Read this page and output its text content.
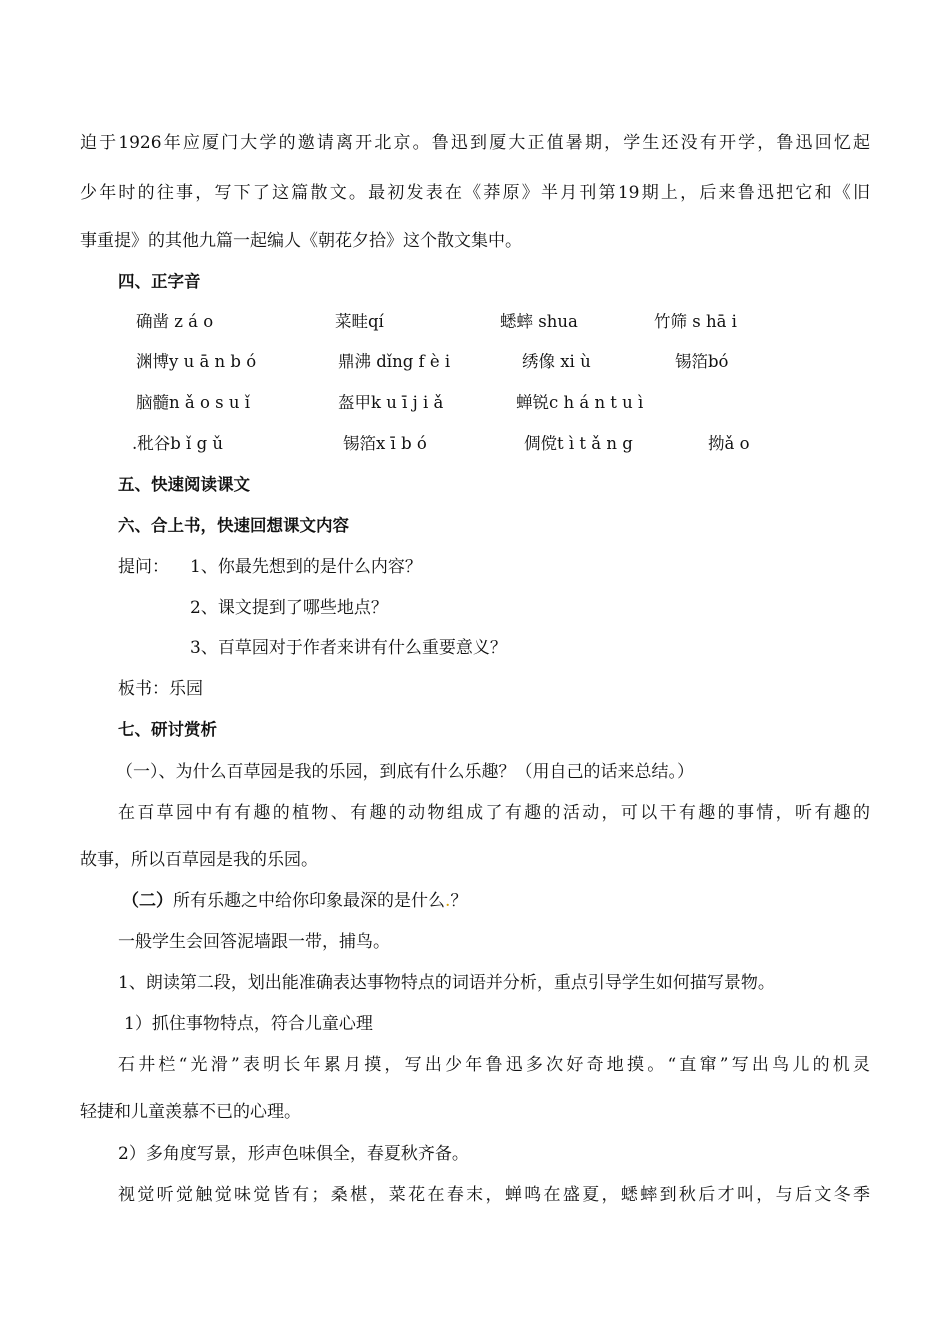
迫于1926年应厦门大学的邀请离开北京。鲁迅到厦大正值暑期，学生还没有开学，鲁迅回忆起
少年时的往事，写下了这篇散文。最初发表在《莽原》半月刊第19期上，后来鲁迅把它和《旧
事重提》的其他九篇一起编人《朝花夕拾》这个散文集中。
四、正字音
确凿 z á o	菜畦qí	蟋蟀 shua	竹筛 s hā i
渊博y u ā n b ó	鼎沸 dǐng f è i	绣像 xi ù	锡箔bó
脑髓n ǎ o s u ǐ	盔甲k u ī j i ǎ	蝉锐c h á n t u ì
.秕谷b ǐ g ǔ	锡箔x ī b ó	倜傥t ì t ǎ n g	拗ǎ o
五、快速阅读课文
六、合上书，快速回想课文内容
提问： 1、你最先想到的是什么内容？
2、课文提到了哪些地点？
3、百草园对于作者来讲有什么重要意义？
板书：乐园
七、研讨赏析
（一）、为什么百草园是我的乐园，到底有什么乐趣？（用自己的话来总结。）
在百草园中有有趣的植物、有趣的动物组成了有趣的活动，可以干有趣的事情，听有趣的
故事，所以百草园是我的乐园。
（二）所有乐趣之中给你印象最深的是什么.？
一般学生会回答泥墙跟一带，捕鸟。
1、朗读第二段，划出能准确表达事物特点的词语并分析，重点引导学生如何描写景物。
1）抓住事物特点，符合儿童心理
石井栏“光滑”表明长年累月摸，写出少年鲁迅多次好奇地摸。“直窜”写出鸟儿的机灵
轻捷和儿童羡慕不已的心理。
2）多角度写景，形声色味俱全，春夏秋齐备。
视觉听觉触觉味觉皆有；桑椹，菜花在春末，蝉鸣在盛夏，蟋蟀到秋后才叫，与后文冬季
